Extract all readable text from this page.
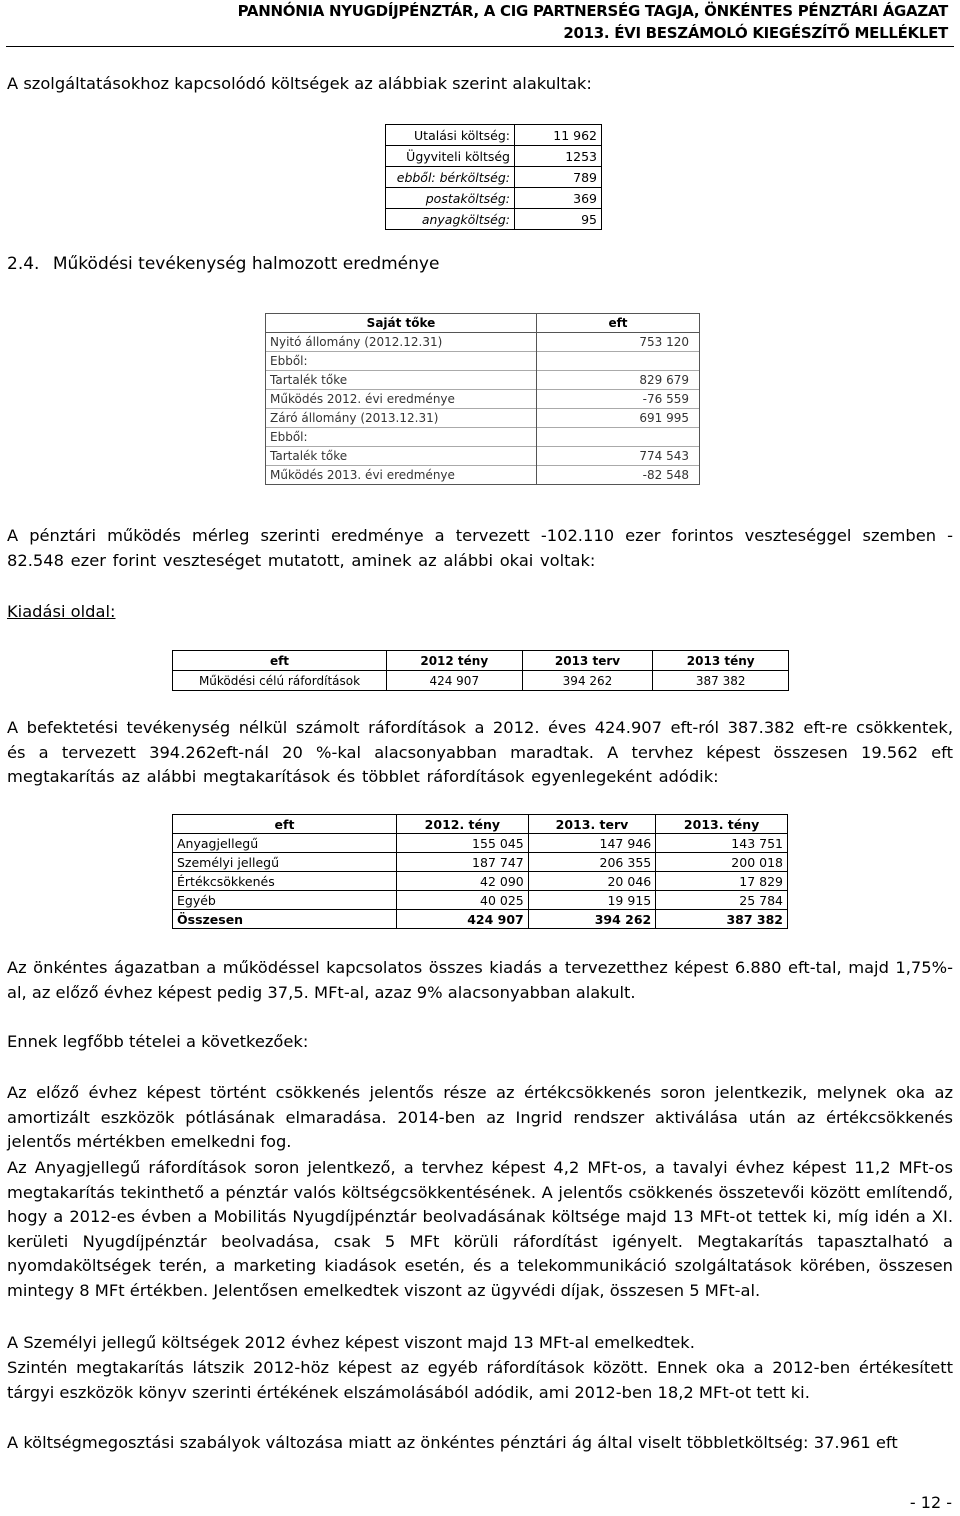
PANNÓNIA NYUGDÍJPÉNZTÁR, A CIG PARTNERSÉG TAGJA, ÖNKÉNTES PÉNZTÁRI ÁGAZAT
2013. ÉVI BESZÁMOLÓ KIEGÉSZÍTŐ MELLÉKLET
A szolgáltatásokhoz kapcsolódó költségek az alábbiak szerint alakultak:
Utalási költség:	11 962
Ügyviteli költség	1253
ebből: bérköltség:	789
postaköltség:	369
anyagköltség:	95
2.4. Működési tevékenység halmozott eredménye
Saját tőke	eft
Nyitó állomány (2012.12.31)	753 120
Ebből:	
Tartalék tőke	829 679
Működés 2012. évi eredménye	-76 559
Záró állomány (2013.12.31)	691 995
Ebből:	
Tartalék tőke	774 543
Működés 2013. évi eredménye	-82 548
A pénztári működés mérleg szerinti eredménye a tervezett -102.110 ezer forintos veszteséggel szemben - 82.548 ezer forint veszteséget mutatott, aminek az alábbi okai voltak:
Kiadási oldal:
eft	2012 tény	2013 terv	2013 tény
Működési célú ráfordítások	424 907	394 262	387 382
A befektetési tevékenység nélkül számolt ráfordítások a 2012. éves 424.907 eft-ról 387.382 eft-re csökkentek, és a tervezett 394.262eft-nál 20 %-kal alacsonyabban maradtak. A tervhez képest összesen 19.562 eft megtakarítás az alábbi megtakarítások és többlet ráfordítások egyenlegeként adódik:
eft	2012. tény	2013. terv	2013. tény
Anyagjellegű	155 045	147 946	143 751
Személyi jellegű	187 747	206 355	200 018
Értékcsökkenés	42 090	20 046	17 829
Egyéb	40 025	19 915	25 784
Összesen	424 907	394 262	387 382
Az önkéntes ágazatban a működéssel kapcsolatos összes kiadás a tervezetthez képest 6.880 eft-tal, majd 1,75%-al, az előző évhez képest pedig 37,5. MFt-al, azaz 9% alacsonyabban alakult.
Ennek legfőbb tételei a következőek:
Az előző évhez képest történt csökkenés jelentős része az értékcsökkenés soron jelentkezik, melynek oka az amortizált eszközök pótlásának elmaradása. 2014-ben az Ingrid rendszer aktiválása után az értékcsökkenés jelentős mértékben emelkedni fog.
Az Anyagjellegű ráfordítások soron jelentkező, a tervhez képest 4,2 MFt-os, a tavalyi évhez képest 11,2 MFt-os megtakarítás tekinthető a pénztár valós költségcsökkentésének. A jelentős csökkenés összetevői között említendő, hogy a 2012-es évben a Mobilitás Nyugdíjpénztár beolvadásának költsége majd 13 MFt-ot tettek ki, míg idén a XI. kerületi Nyugdíjpénztár beolvadása, csak 5 MFt körüli ráfordítást igényelt. Megtakarítás tapasztalható a nyomdaköltségek terén, a marketing kiadások esetén, és a telekommunikáció szolgáltatások körében, összesen mintegy 8 MFt értékben. Jelentősen emelkedtek viszont az ügyvédi díjak, összesen 5 MFt-al.
A Személyi jellegű költségek 2012 évhez képest viszont majd 13 MFt-al emelkedtek.
Szintén megtakarítás látszik 2012-höz képest az egyéb ráfordítások között. Ennek oka a 2012-ben értékesített tárgyi eszközök könyv szerinti értékének elszámolásából adódik, ami 2012-ben 18,2 MFt-ot tett ki.
A költségmegosztási szabályok változása miatt az önkéntes pénztári ág által viselt többletköltség: 37.961 eft
- 12 -
